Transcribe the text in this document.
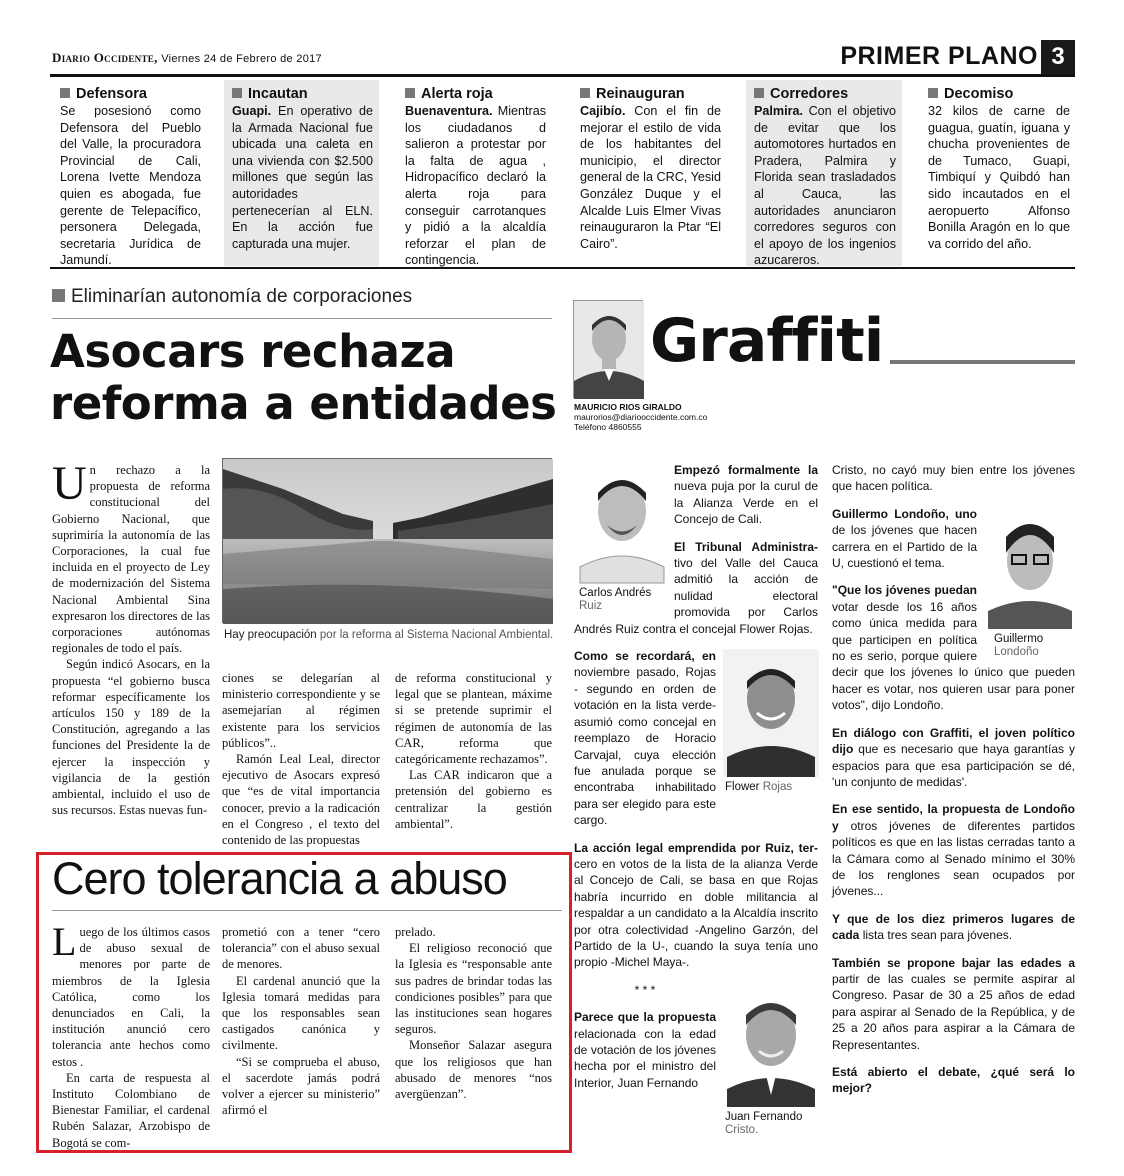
Diario Occidente, Viernes 24 de Febrero de 2017	PRIMER PLANO 3
Defensora
Se posesionó como Defensora del Pueblo del Valle, la procuradora Provincial de Cali, Lorena Ivette Mendoza quien es abogada, fue gerente de Telepacífico, personera Delegada, secretaria Jurídica de Jamundí.
Incautan
Guapi. En operativo de la Armada Nacional fue ubicada una caleta en una vivienda con $2.500 millones que según las autoridades pertenecerían al ELN. En la acción fue capturada una mujer.
Alerta roja
Buenaventura. Mientras los ciudadanos d salieron a protestar por la falta de agua , Hidropacífico declaró la alerta roja para conseguir carrotanques y pidió a la alcaldía reforzar el plan de contingencia.
Reinauguran
Cajibío. Con el fin de mejorar el estilo de vida de los habitantes del municipio, el director general de la CRC, Yesid González Duque y el Alcalde Luis Elmer Vivas reinauguraron la Ptar “El Cairo”.
Corredores
Palmira. Con el objetivo de evitar que los automotores hurtados en Pradera, Palmira y Florida sean trasladados al Cauca, las autoridades anunciaron corredores seguros con el apoyo de los ingenios azucareros.
Decomiso
32 kilos de carne de guagua, guatín, iguana y chucha provenientes de de Tumaco, Guapi, Timbiquí y Quibdó han sido incautados en el aeropuerto Alfonso Bonilla Aragón en lo que va corrido del año.
Eliminarían autonomía de corporaciones
Asocars rechaza reforma a entidades

Un rechazo a la propuesta de reforma constitucional del Gobierno Nacional, que suprimiría la autonomía de las Corporaciones, la cual fue incluida en el proyecto de Ley de modernización del Sistema Nacional Ambiental Sina expresaron los directores de las corporaciones autónomas regionales de todo el país.

Según indicó Asocars, en la propuesta “el gobierno busca reformar específicamente los artículos 150 y 189 de la Constitución, agregando a las funciones del Presidente la de ejercer la inspección y vigilancia de la gestión ambiental, incluido el uso de sus recursos. Estas nuevas fun-

Hay preocupación por la reforma al Sistema Nacional Ambiental.

ciones se delegarían al ministerio correspondiente y se asemejarían al régimen existente para los servicios públicos”..

Ramón Leal Leal, director ejecutivo de Asocars expresó que “es de vital importancia conocer, previo a la radicación en el Congreso , el texto del contenido de las propuestas

de reforma constitucional y legal que se plantean, máxime si se pretende suprimir el régimen de autonomía de las CAR, reforma que categóricamente rechazamos”.

Las CAR indicaron que a pretensión del gobierno es centralizar la gestión ambiental”.

Cero tolerancia a abuso

Luego de los últimos casos de abuso sexual de menores por parte de miembros de la Iglesia Católica, como los denunciados en Cali, la institución anunció cero tolerancia ante hechos como estos .

En carta de respuesta al Instituto Colombiano de Bienestar Familiar, el cardenal Rubén Salazar, Arzobispo de Bogotá se com-

prometió con a tener “cero tolerancia” con el abuso sexual de menores.

El cardenal anunció que la Iglesia tomará medidas para que los responsables sean castigados canónica y civilmente.

“Si se comprueba el abuso, el sacerdote jamás podrá volver a ejercer su ministerio” afirmó el

prelado.

El religioso reconoció que la Iglesia es “responsable ante sus padres de brindar todas las condiciones posibles” para que las instituciones sean hogares seguros.

Monseñor Salazar asegura que los religiosos que han abusado de menores “nos avergüenzan”.

Graffiti
MAURICIO RIOS GIRALDO
maurorios@diariooccidente.com.co
Teléfono 4860555
Carlos Andrés
Ruiz

Empezó formalmente la nueva puja por la curul de la Alianza Verde en el Concejo de Cali.

El Tribunal Administra-tivo del Valle del Cauca admitió la acción de nulidad electoral promovida por Carlos Andrés Ruiz contra el concejal Flower Rojas.

Flower Rojas

Como se recordará, en noviembre pasado, Rojas - segundo en orden de votación en la lista verde- asumió como concejal en reemplazo de Horacio Carvajal, cuya elección fue anulada porque se encontraba inhabilitado para ser elegido para este cargo.

La acción legal emprendida por Ruiz, ter-cero en votos de la lista de la alianza Verde al Concejo de Cali, se basa en que Rojas habría incurrido en doble militancia al respaldar a un candidato a la Alcaldía inscrito por otra colectividad -Angelino Garzón, del Partido de la U-, cuando la suya tenía uno propio -Michel Maya-.

Juan Fernando
Cristo.

* * *

Parece que la propuesta relacionada con la edad de votación de los jóvenes hecha por el ministro del Interior, Juan Fernando

Cristo, no cayó muy bien entre los jóvenes que hacen política.

Guillermo
Londoño

Guillermo Londoño, uno de los jóvenes que hacen carrera en el Partido de la U, cuestionó el tema.

"Que los jóvenes puedan votar desde los 16 años como única medida para que participen en política no es serio, porque quiere decir que los jóvenes lo único que pueden hacer es votar, nos quieren usar para poner votos", dijo Londoño.

En diálogo con Graffiti, el joven político dijo que es necesario que haya garantías y espacios para que esa participación se dé, 'un conjunto de medidas'.

En ese sentido, la propuesta de Londoño y otros jóvenes de diferentes partidos políticos es que en las listas cerradas tanto a la Cámara como al Senado mínimo el 30% de los renglones sean ocupados por jóvenes...

Y que de los diez primeros lugares de cada lista tres sean para jóvenes.

También se propone bajar las edades a partir de las cuales se permite aspirar al Congreso. Pasar de 30 a 25 años de edad para aspirar al Senado de la República, y de 25 a 20 años para aspirar a la Cámara de Representantes.

Está abierto el debate, ¿qué será lo mejor?
